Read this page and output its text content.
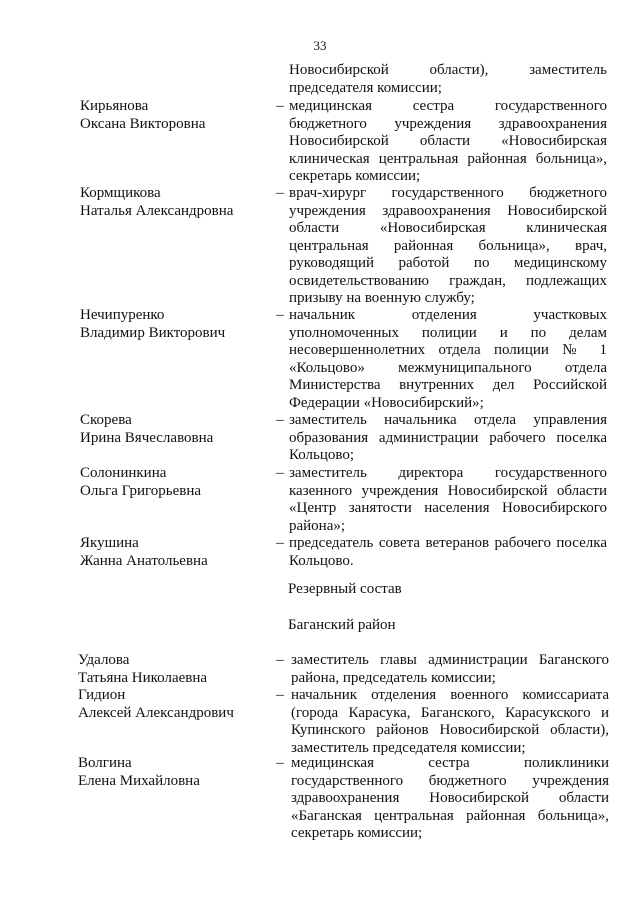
33
Новосибирской          области),          заместитель
председателя комиссии;
Кирьянова
Оксана Викторовна
– медицинская сестра государственного
бюджетного учреждения здравоохранения
Новосибирской области «Новосибирская
клиническая центральная районная больница»,
секретарь комиссии;
Кормщикова
Наталья Александровна
– врач-хирург государственного бюджетного
учреждения здравоохранения Новосибирской
области «Новосибирская клиническая
центральная районная больница», врач,
руководящий работой по медицинскому
освидетельствованию граждан, подлежащих
призыву на военную службу;
Нечипуренко
Владимир Викторович
– начальник отделения участковых
уполномоченных полиции и по делам
несовершеннолетних отдела полиции № 1
«Кольцово» межмуниципального отдела
Министерства внутренних дел Российской
Федерации «Новосибирский»;
Скорева
Ирина Вячеславовна
– заместитель начальника отдела управления
образования администрации рабочего поселка
Кольцово;
Солонинкина
Ольга Григорьевна
– заместитель директора государственного
казенного учреждения Новосибирской области
«Центр занятости населения Новосибирского
района»;
Якушина
Жанна Анатольевна
– председатель совета ветеранов рабочего поселка
Кольцово.
Резервный состав
Баганский район
Удалова
Татьяна Николаевна
– заместитель главы администрации Баганского
района, председатель комиссии;
Гидион
Алексей Александрович
– начальник отделения военного комиссариата
(города Карасука, Баганского, Карасукского и
Купинского районов Новосибирской области),
заместитель председателя комиссии;
Волгина
Елена Михайловна
– медицинская сестра поликлиники
государственного бюджетного учреждения
здравоохранения Новосибирской области
«Баганская центральная районная больница»,
секретарь комиссии;
